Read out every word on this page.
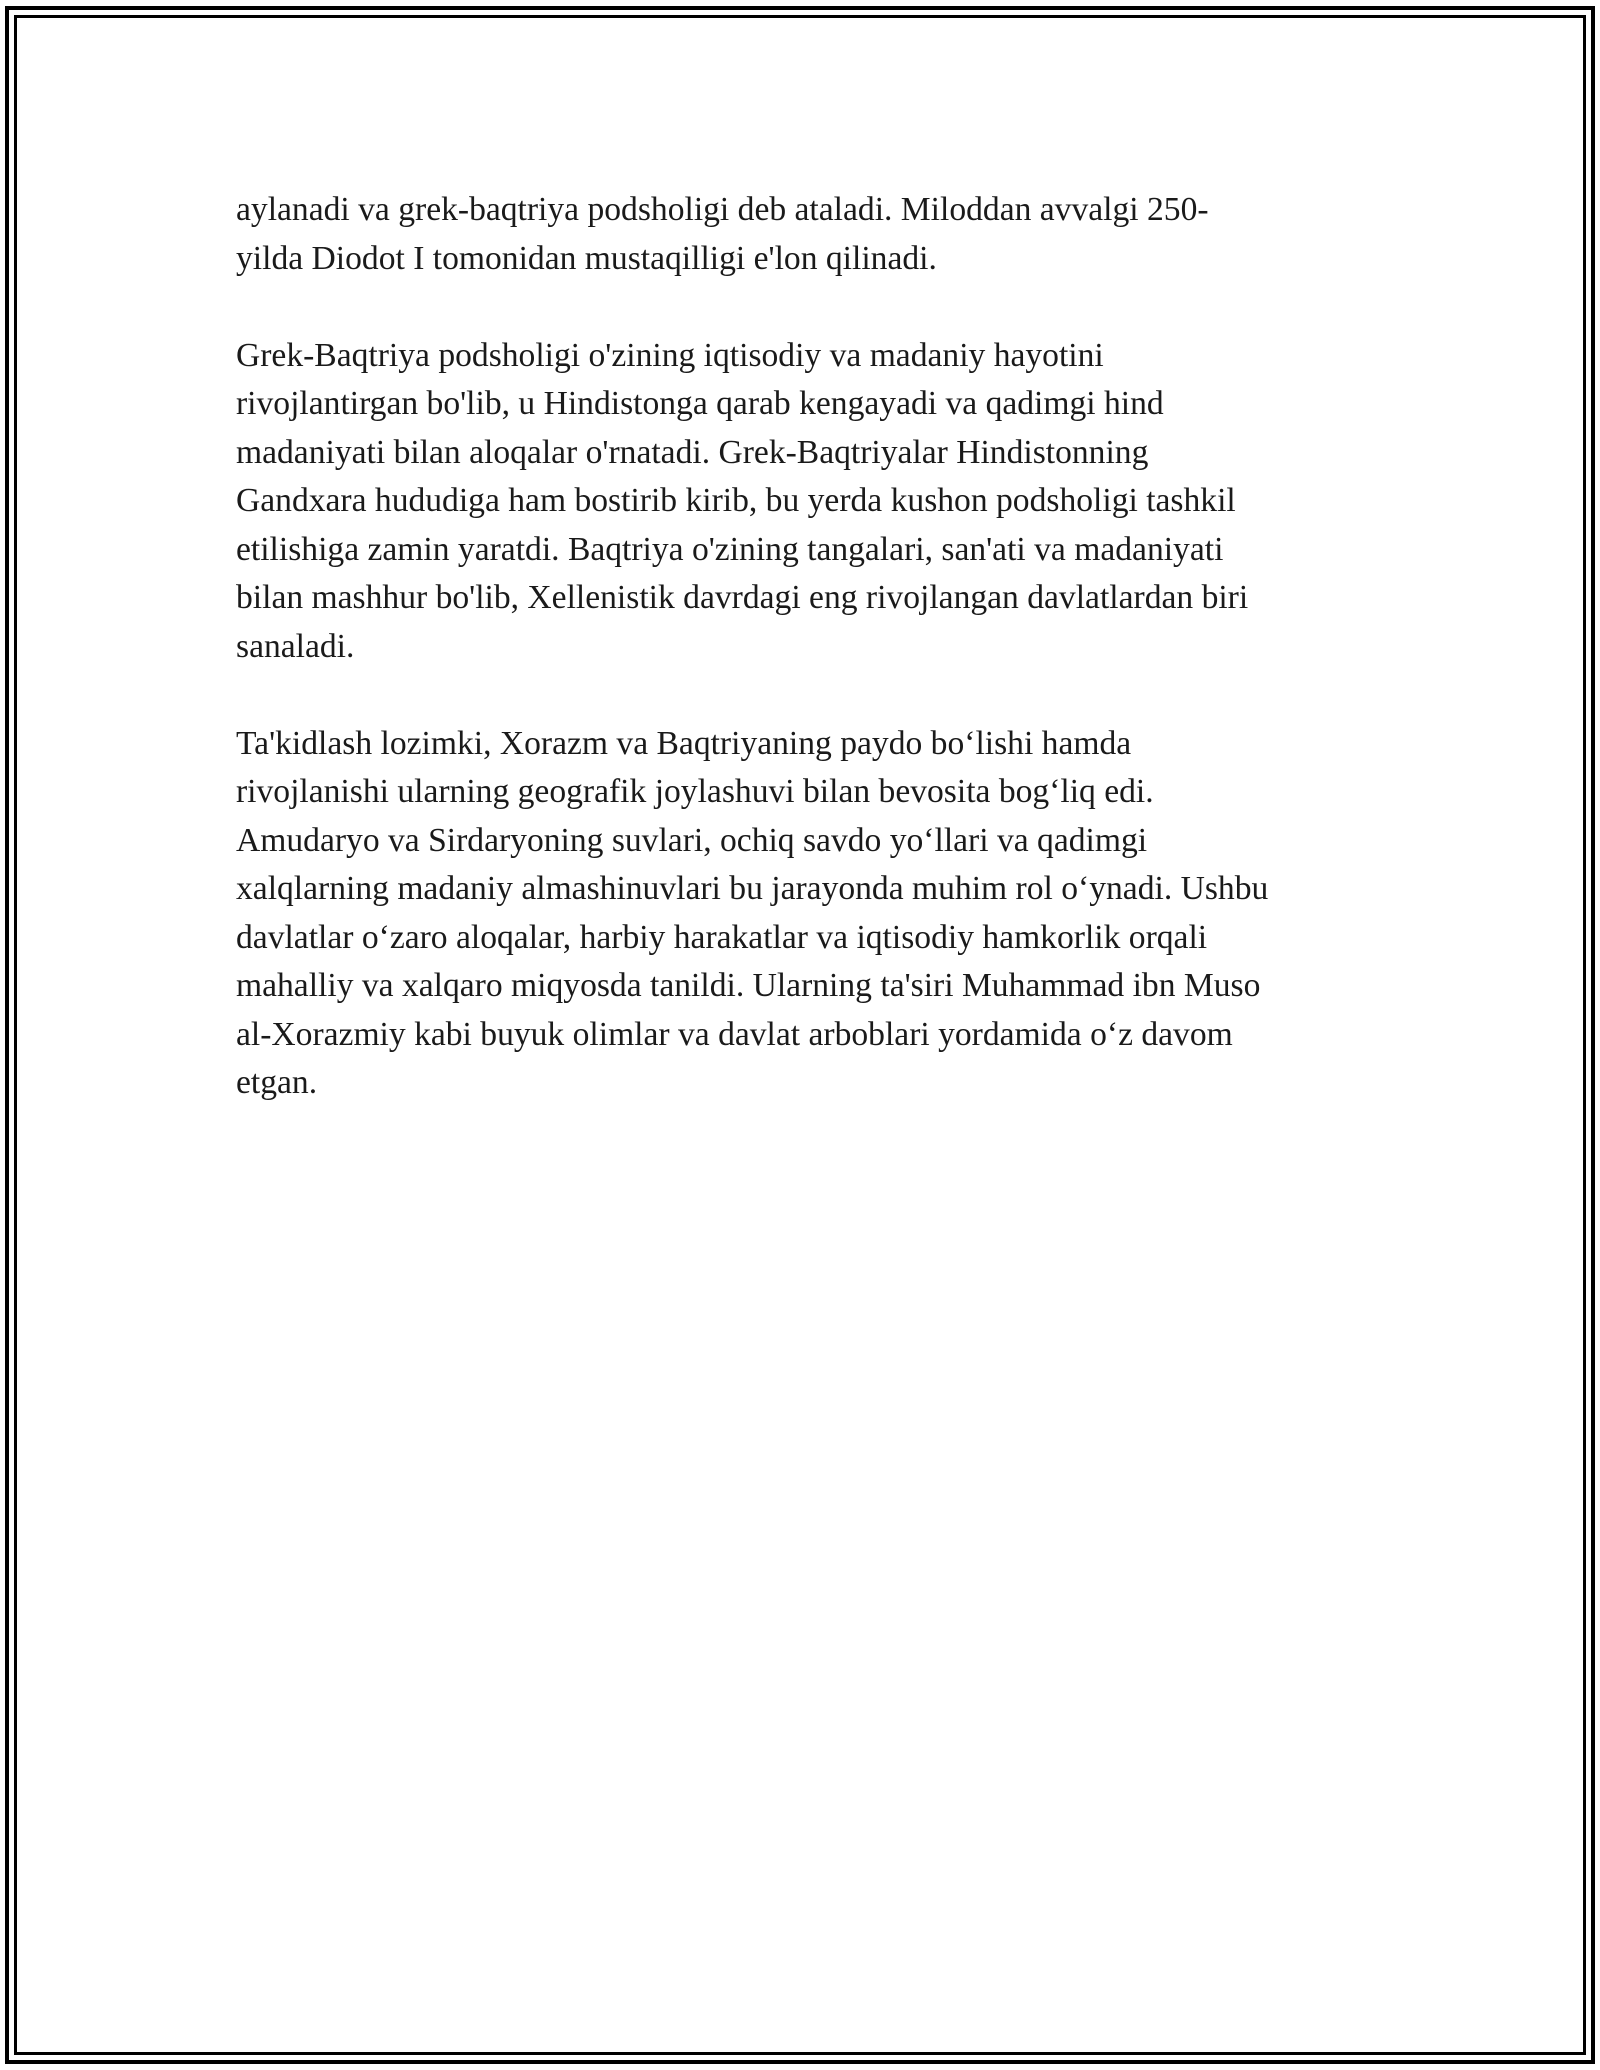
aylanadi va grek-baqtriya podsholigi deb ataladi. Miloddan avvalgi 250-
yilda Diodot I tomonidan mustaqilligi e'lon qilinadi.

Grek-Baqtriya podsholigi o'zining iqtisodiy va madaniy hayotini
rivojlantirgan bo'lib, u Hindistonga qarab kengayadi va qadimgi hind
madaniyati bilan aloqalar o'rnatadi. Grek-Baqtriyalar Hindistonning
Gandxara hududiga ham bostirib kirib, bu yerda kushon podsholigi tashkil
etilishiga zamin yaratdi. Baqtriya o'zining tangalari, san'ati va madaniyati
bilan mashhur bo'lib, Xellenistik davrdagi eng rivojlangan davlatlardan biri
sanaladi.

Ta'kidlash lozimki, Xorazm va Baqtriyaning paydo bo‘lishi hamda
rivojlanishi ularning geografik joylashuvi bilan bevosita bog‘liq edi.
Amudaryo va Sirdaryoning suvlari, ochiq savdo yo‘llari va qadimgi
xalqlarning madaniy almashinuvlari bu jarayonda muhim rol o‘ynadi. Ushbu
davlatlar o‘zaro aloqalar, harbiy harakatlar va iqtisodiy hamkorlik orqali
mahalliy va xalqaro miqyosda tanildi. Ularning ta'siri Muhammad ibn Muso
al-Xorazmiy kabi buyuk olimlar va davlat arboblari yordamida o‘z davom
etgan.
